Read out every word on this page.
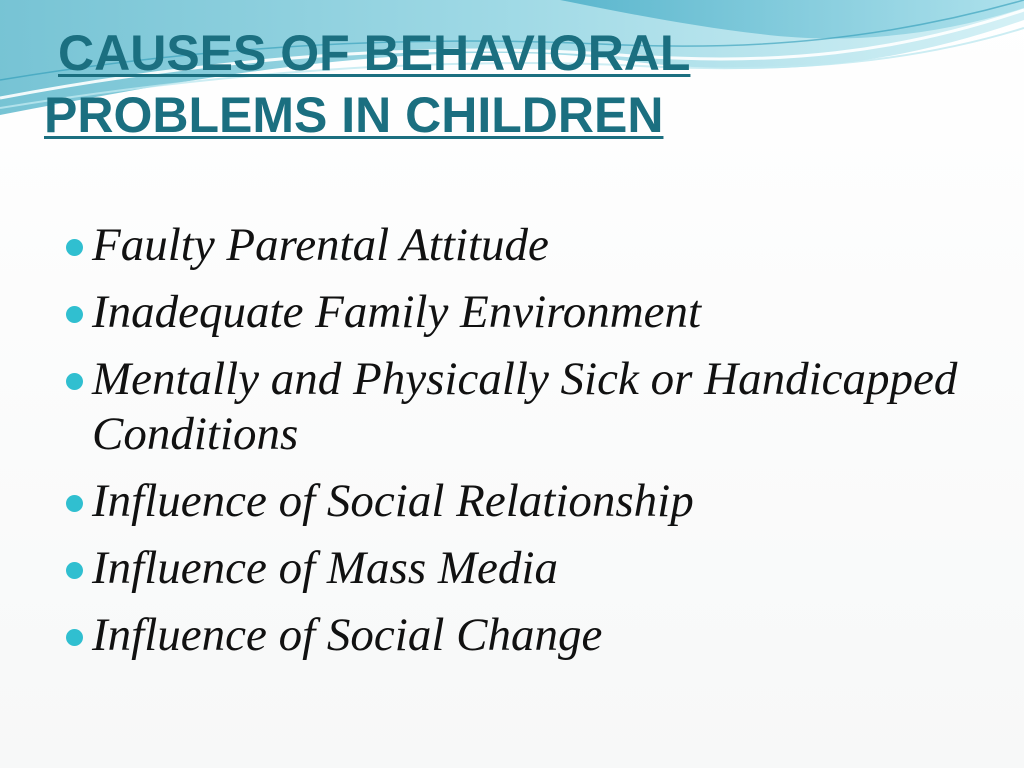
CAUSES OF BEHAVIORAL
PROBLEMS IN CHILDREN
Faulty Parental Attitude
Inadequate Family Environment
Mentally and Physically Sick or Handicapped Conditions
Influence of Social Relationship
Influence of Mass Media
Influence of Social Change
